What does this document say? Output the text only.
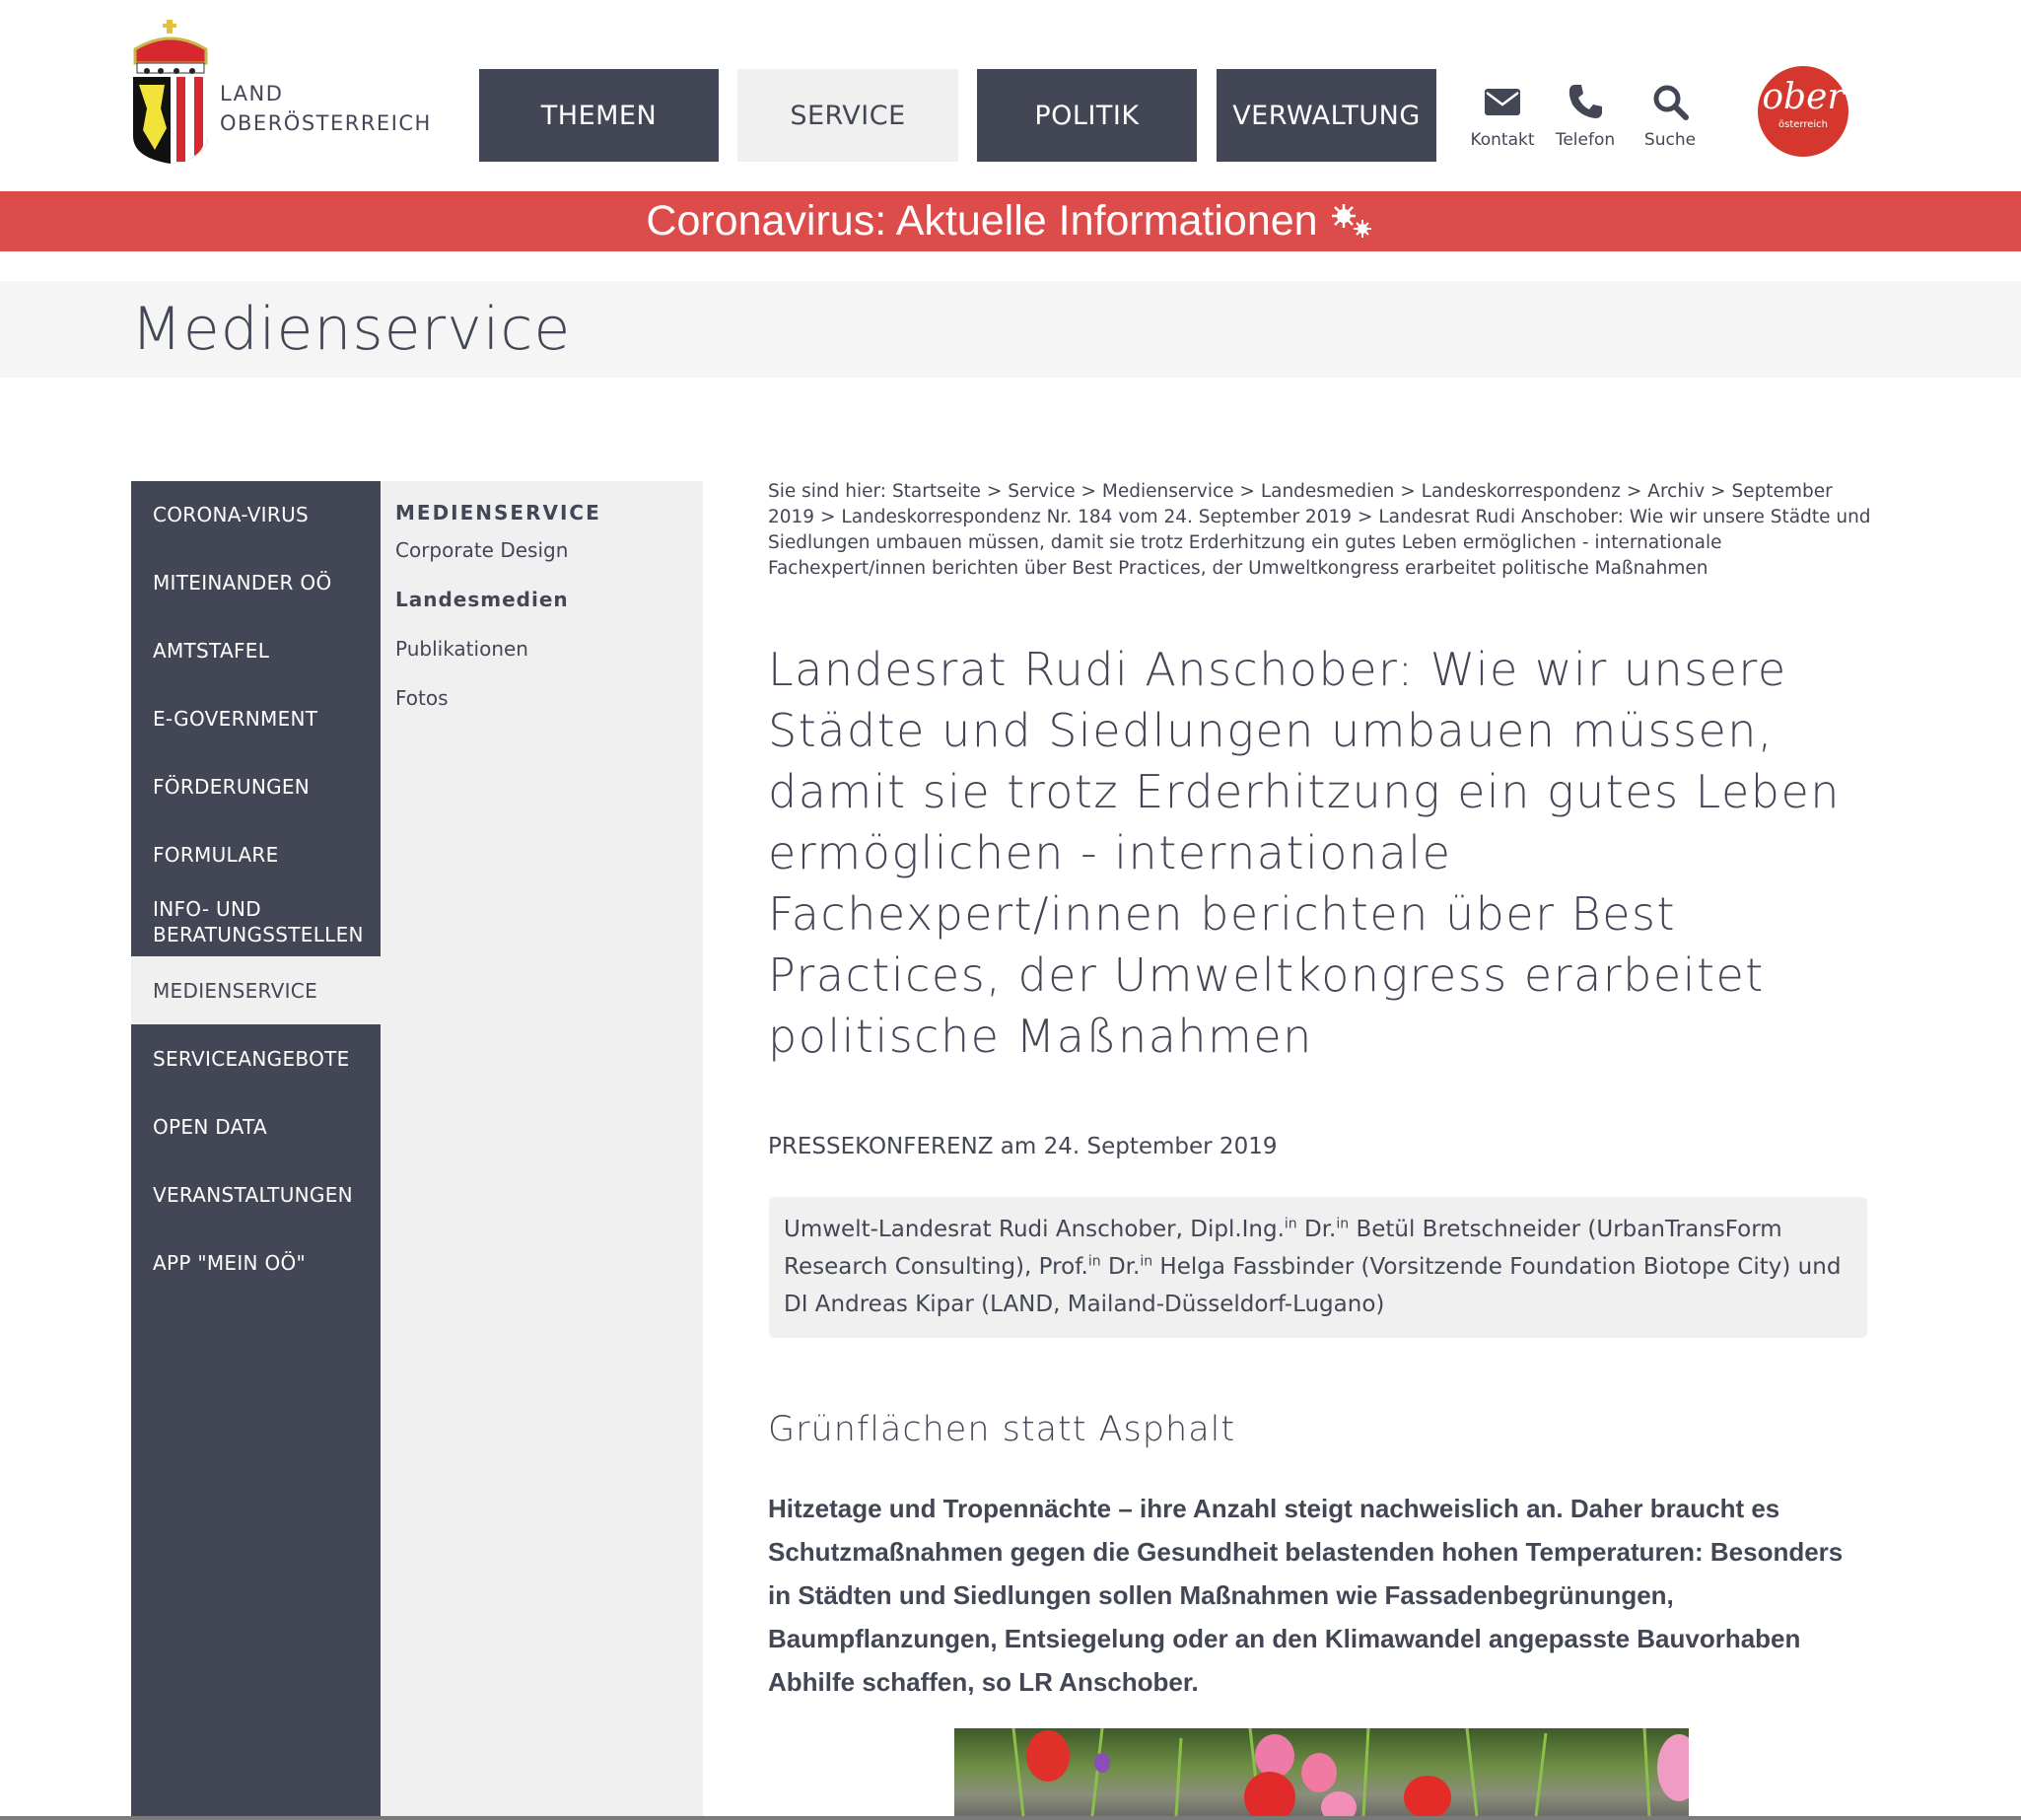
LAND
OBERÖSTERREICH	THEMEN	SERVICE	POLITIK	VERWALTUNG
Kontakt Telefon Suche
ober
österreich
Coronavirus: Aktuelle Informationen
Medienservice
CORONA-VIRUS
MITEINANDER OÖ
AMTSTAFEL
E-GOVERNMENT
FÖRDERUNGEN
FORMULARE
INFO- UND BERATUNGSSTELLEN
MEDIENSERVICE
SERVICEANGEBOTE
OPEN DATA
VERANSTALTUNGEN
APP "MEIN OÖ"
MEDIENSERVICE
Corporate Design
Landesmedien
Publikationen
Fotos
Sie sind hier: Startseite > Service > Medienservice > Landesmedien > Landeskorrespondenz > Archiv > September 2019 > Landeskorrespondenz Nr. 184 vom 24. September 2019 > Landesrat Rudi Anschober: Wie wir unsere Städte und Siedlungen umbauen müssen, damit sie trotz Erderhitzung ein gutes Leben ermöglichen - internationale Fachexpert/innen berichten über Best Practices, der Umweltkongress erarbeitet politische Maßnahmen
Landesrat Rudi Anschober: Wie wir unsere Städte und Siedlungen umbauen müssen, damit sie trotz Erderhitzung ein gutes Leben ermöglichen - internationale Fachexpert/innen berichten über Best Practices, der Umweltkongress erarbeitet politische Maßnahmen
PRESSEKONFERENZ am 24. September 2019
Umwelt-Landesrat Rudi Anschober, Dipl.Ing.$^{in}$ Dr.$^{in}$ Betül Bretschneider (UrbanTransForm Research Consulting), Prof.$^{in}$ Dr.$^{in}$ Helga Fassbinder (Vorsitzende Foundation Biotope City) und DI Andreas Kipar (LAND, Mailand-Düsseldorf-Lugano)
Grünflächen statt Asphalt

Hitzetage und Tropennächte – ihre Anzahl steigt nachweislich an. Daher braucht es Schutzmaßnahmen gegen die Gesundheit belastenden hohen Temperaturen: Besonders in Städten und Siedlungen sollen Maßnahmen wie Fassadenbegrünungen, Baumpflanzungen, Entsiegelung oder an den Klimawandel angepasste Bauvorhaben Abhilfe schaffen, so LR Anschober.
